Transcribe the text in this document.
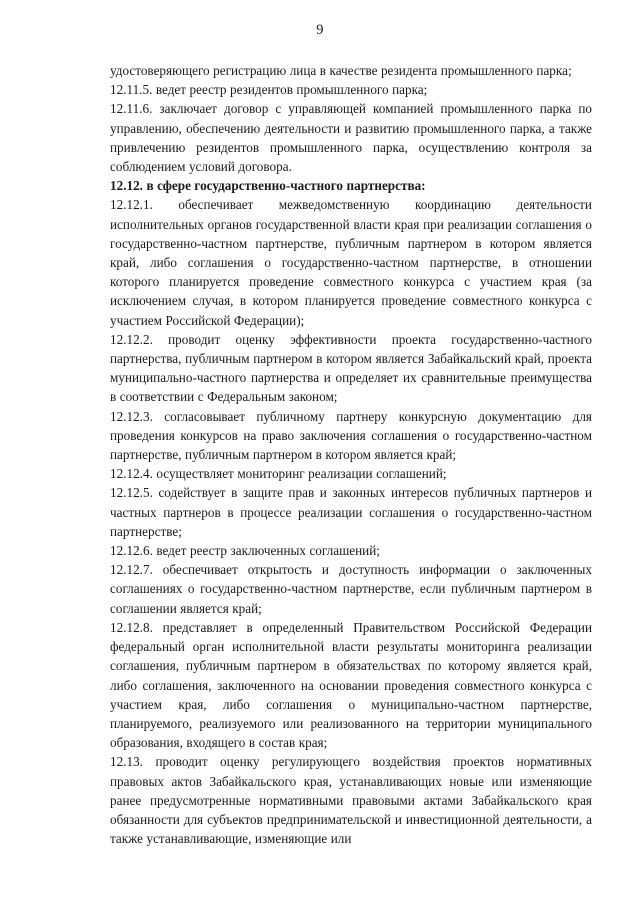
9

удостоверяющего регистрацию лица в качестве резидента промышленного парка;

12.11.5. ведет реестр резидентов промышленного парка;

12.11.6. заключает договор с управляющей компанией промышленного парка по управлению, обеспечению деятельности и развитию промышленного парка, а также привлечению резидентов промышленного парка, осуществлению контроля за соблюдением условий договора.

12.12. в сфере государственно-частного партнерства:

12.12.1. обеспечивает межведомственную координацию деятельности исполнительных органов государственной власти края при реализации соглашения о государственно-частном партнерстве, публичным партнером в котором является край, либо соглашения о государственно-частном партнерстве, в отношении которого планируется проведение совместного конкурса с участием края (за исключением случая, в котором планируется проведение совместного конкурса с участием Российской Федерации);

12.12.2. проводит оценку эффективности проекта государственно-частного партнерства, публичным партнером в котором является Забайкальский край, проекта муниципально-частного партнерства и определяет их сравнительные преимущества в соответствии с Федеральным законом;

12.12.3. согласовывает публичному партнеру конкурсную документацию для проведения конкурсов на право заключения соглашения о государственно-частном партнерстве, публичным партнером в котором является край;

12.12.4. осуществляет мониторинг реализации соглашений;

12.12.5. содействует в защите прав и законных интересов публичных партнеров и частных партнеров в процессе реализации соглашения о государственно-частном партнерстве;

12.12.6. ведет реестр заключенных соглашений;

12.12.7. обеспечивает открытость и доступность информации о заключенных соглашениях о государственно-частном партнерстве, если публичным партнером в соглашении является край;

12.12.8. представляет в определенный Правительством Российской Федерации федеральный орган исполнительной власти результаты мониторинга реализации соглашения, публичным партнером в обязательствах по которому является край, либо соглашения, заключенного на основании проведения совместного конкурса с участием края, либо соглашения о муниципально-частном партнерстве, планируемого, реализуемого или реализованного на территории муниципального образования, входящего в состав края;

12.13. проводит оценку регулирующего воздействия проектов нормативных правовых актов Забайкальского края, устанавливающих новые или изменяющие ранее предусмотренные нормативными правовыми актами Забайкальского края обязанности для субъектов предпринимательской и инвестиционной деятельности, а также устанавливающие, изменяющие или
